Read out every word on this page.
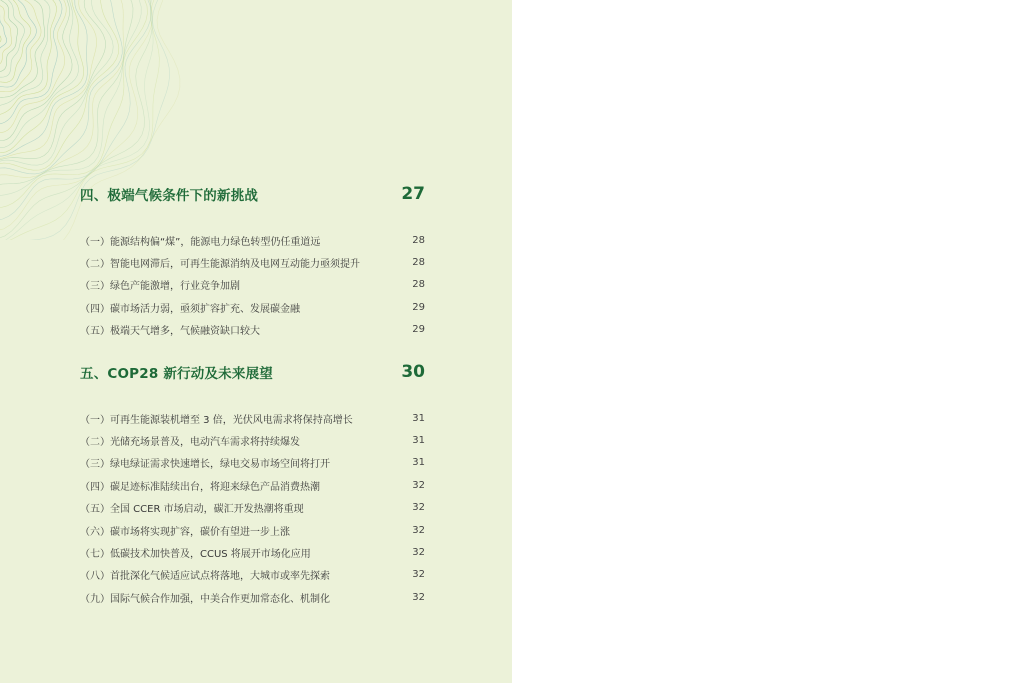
四、极端气候条件下的新挑战	27
（一）能源结构偏“煤”，能源电力绿色转型仍任重道远	28
（二）智能电网滞后，可再生能源消纳及电网互动能力亟须提升	28
（三）绿色产能激增，行业竞争加剧	28
（四）碳市场活力弱，亟须扩容扩充、发展碳金融	29
（五）极端天气增多，气候融资缺口较大	29
五、COP28 新行动及未来展望	30
（一）可再生能源装机增至 3 倍，光伏风电需求将保持高增长	31
（二）光储充场景普及，电动汽车需求将持续爆发	31
（三）绿电绿证需求快速增长，绿电交易市场空间将打开	31
（四）碳足迹标准陆续出台，将迎来绿色产品消费热潮	32
（五）全国 CCER 市场启动，碳汇开发热潮将重现	32
（六）碳市场将实现扩容，碳价有望进一步上涨	32
（七）低碳技术加快普及，CCUS 将展开市场化应用	32
（八）首批深化气候适应试点将落地，大城市或率先探索	32
（九）国际气候合作加强，中美合作更加常态化、机制化	32
